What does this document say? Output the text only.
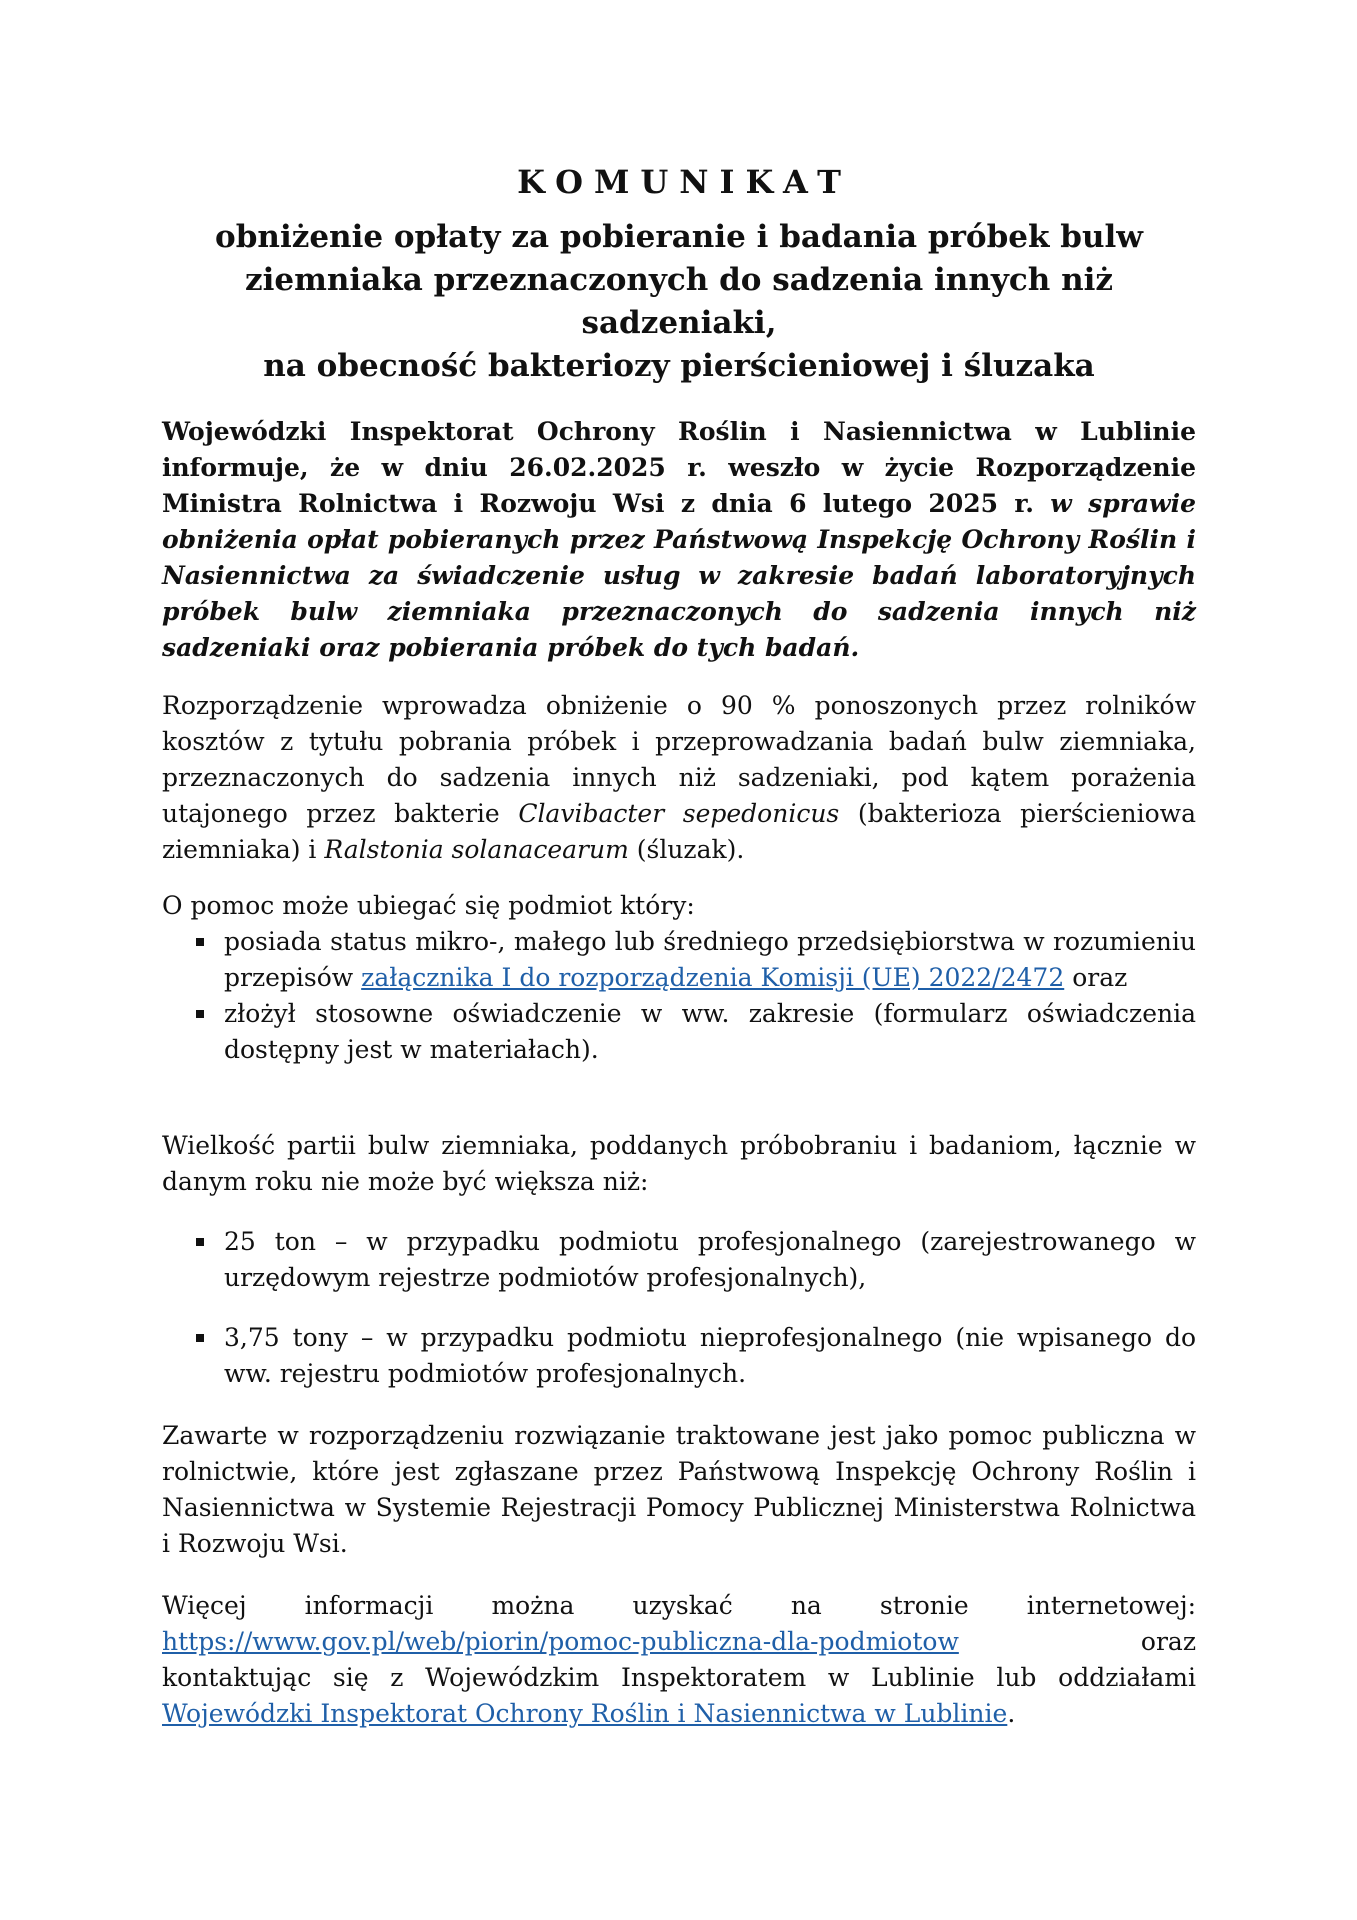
KOMUNIKAT
obniżenie opłaty za pobieranie i badania próbek bulw
ziemniaka przeznaczonych do sadzenia innych niż sadzeniaki,
na obecność bakteriozy pierścieniowej i śluzaka

Wojewódzki Inspektorat Ochrony Roślin i Nasiennictwa w Lublinie informuje, że w dniu 26.02.2025 r. weszło w życie Rozporządzenie Ministra Rolnictwa i Rozwoju Wsi z dnia 6 lutego 2025 r. w sprawie obniżenia opłat pobieranych przez Państwową Inspekcję Ochrony Roślin i Nasiennictwa za świadczenie usług w zakresie badań laboratoryjnych próbek bulw ziemniaka przeznaczonych do sadzenia innych niż sadzeniaki oraz pobierania próbek do tych badań.

Rozporządzenie wprowadza obniżenie o 90 % ponoszonych przez rolników kosztów z tytułu pobrania próbek i przeprowadzania badań bulw ziemniaka, przeznaczonych do sadzenia innych niż sadzeniaki, pod kątem porażenia utajonego przez bakterie Clavibacter sepedonicus (bakterioza pierścieniowa ziemniaka) i Ralstonia solanacearum (śluzak).

O pomoc może ubiegać się podmiot który:

posiada status mikro-, małego lub średniego przedsiębiorstwa w rozumieniu przepisów załącznika I do rozporządzenia Komisji (UE) 2022/2472 oraz
złożył stosowne oświadczenie w ww. zakresie (formularz oświadczenia dostępny jest w materiałach).

Wielkość partii bulw ziemniaka, poddanych próbobraniu i badaniom, łącznie w danym roku nie może być większa niż:

25 ton – w przypadku podmiotu profesjonalnego (zarejestrowanego w urzędowym rejestrze podmiotów profesjonalnych),
3,75 tony – w przypadku podmiotu nieprofesjonalnego (nie wpisanego do ww. rejestru podmiotów profesjonalnych.

Zawarte w rozporządzeniu rozwiązanie traktowane jest jako pomoc publiczna w rolnictwie, które jest zgłaszane przez Państwową Inspekcję Ochrony Roślin i Nasiennictwa w Systemie Rejestracji Pomocy Publicznej Ministerstwa Rolnictwa i Rozwoju Wsi.

Więcej informacji można uzyskać na stronie internetowej:

https://www.gov.pl/web/piorin/pomoc-publiczna-dla-podmiotow	oraz

kontaktując się z Wojewódzkim Inspektoratem w Lublinie lub oddziałami

Wojewódzki Inspektorat Ochrony Roślin i Nasiennictwa w Lublinie.
